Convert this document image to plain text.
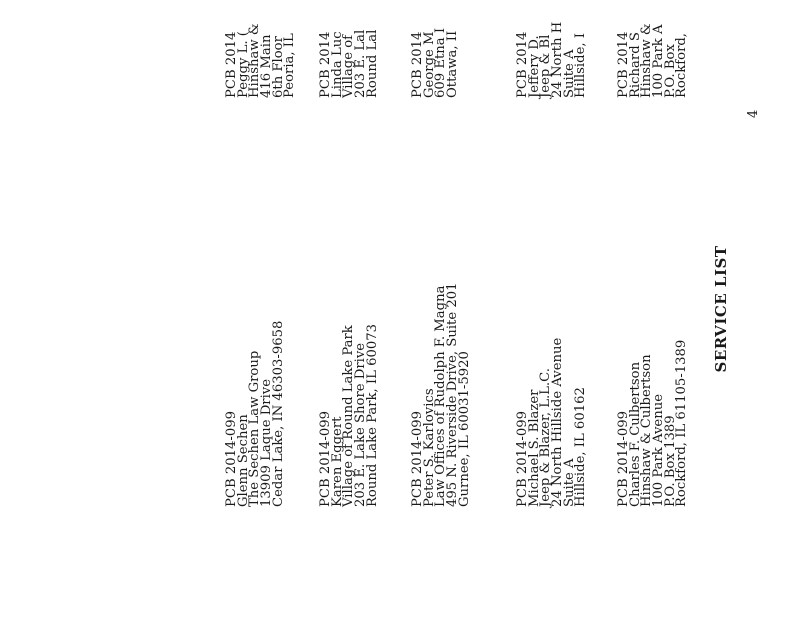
4
SERVICE LIST
PCB 2014-099
Charles F. Culbertson
Hinshaw & Culbertson
100 Park Avenue
P.O. Box 1389
Rockford, IL 61105-1389
PCB 2014-099
Michael S. Blazer
Jeep & Blazer, L.L.C.
24 North Hillside Avenue
Suite A
Hillside, IL 60162
PCB 2014-099
Peter S. Karlovics
Law Offices of Rudolph F. Magna
495 N. Riverside Drive, Suite 201
Gurnee, IL 60031-5920
PCB 2014-099
Karen Eggert
Village of Round Lake Park
203 E. Lake Shore Drive
Round Lake Park, IL 60073
PCB 2014-099
Glenn Sechen
The Sechen Law Group
13909 Laque Drive
Cedar Lake, IN 46303-9658
PCB 2014
Richard S
Hinshaw &
100 Park A
P.O. Box
Rockford,
PCB 2014
Jeffery D.
Jeep & Bl
24 North H
Suite A
Hillside, I
PCB 2014
George M
609 Etna I
Ottawa, II
PCB 2014
Linda Luc
Village of
203 E. Lal
Round Lal
PCB 2014
Peggy L. (
Hinshaw &
416 Main
6th Floor
Peoria, IL
